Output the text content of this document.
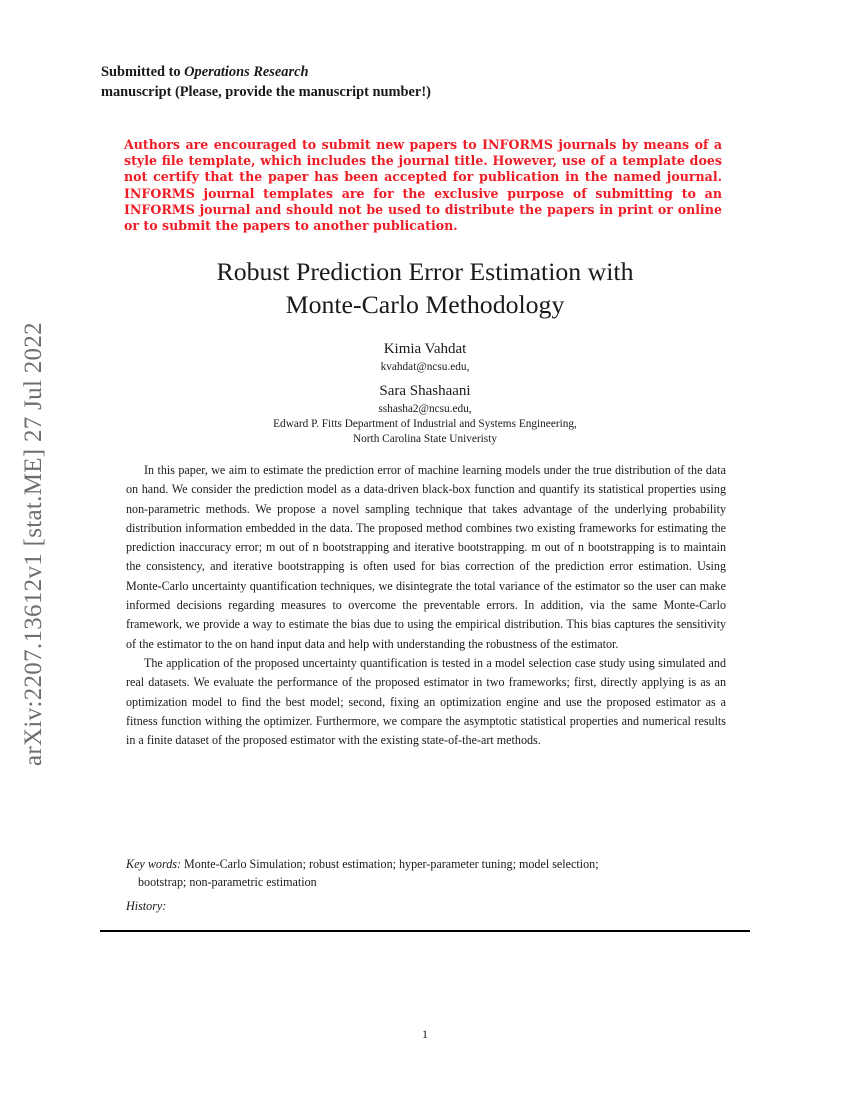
arXiv:2207.13612v1 [stat.ME] 27 Jul 2022
Submitted to Operations Research
manuscript (Please, provide the manuscript number!)
Authors are encouraged to submit new papers to INFORMS journals by means of a style file template, which includes the journal title. However, use of a template does not certify that the paper has been accepted for publication in the named journal. INFORMS journal templates are for the exclusive purpose of submitting to an INFORMS journal and should not be used to distribute the papers in print or online or to submit the papers to another publication.
Robust Prediction Error Estimation with
Monte-Carlo Methodology
Kimia Vahdat
kvahdat@ncsu.edu,
Sara Shashaani
sshasha2@ncsu.edu,
Edward P. Fitts Department of Industrial and Systems Engineering,
North Carolina State Univeristy

In this paper, we aim to estimate the prediction error of machine learning models under the true distribution of the data on hand. We consider the prediction model as a data-driven black-box function and quantify its statistical properties using non-parametric methods. We propose a novel sampling technique that takes advantage of the underlying probability distribution information embedded in the data. The proposed method combines two existing frameworks for estimating the prediction inaccuracy error; m out of n bootstrapping and iterative bootstrapping. m out of n bootstrapping is to maintain the consistency, and iterative bootstrapping is often used for bias correction of the prediction error estimation. Using Monte-Carlo uncertainty quantification techniques, we disintegrate the total variance of the estimator so the user can make informed decisions regarding measures to overcome the preventable errors. In addition, via the same Monte-Carlo framework, we provide a way to estimate the bias due to using the empirical distribution. This bias captures the sensitivity of the estimator to the on hand input data and help with understanding the robustness of the estimator.

The application of the proposed uncertainty quantification is tested in a model selection case study using simulated and real datasets. We evaluate the performance of the proposed estimator in two frameworks; first, directly applying is as an optimization model to find the best model; second, fixing an optimization engine and use the proposed estimator as a fitness function withing the optimizer. Furthermore, we compare the asymptotic statistical properties and numerical results in a finite dataset of the proposed estimator with the existing state-of-the-art methods.

Key words: Monte-Carlo Simulation; robust estimation; hyper-parameter tuning; model selection;
bootstrap; non-parametric estimation
History:
1
